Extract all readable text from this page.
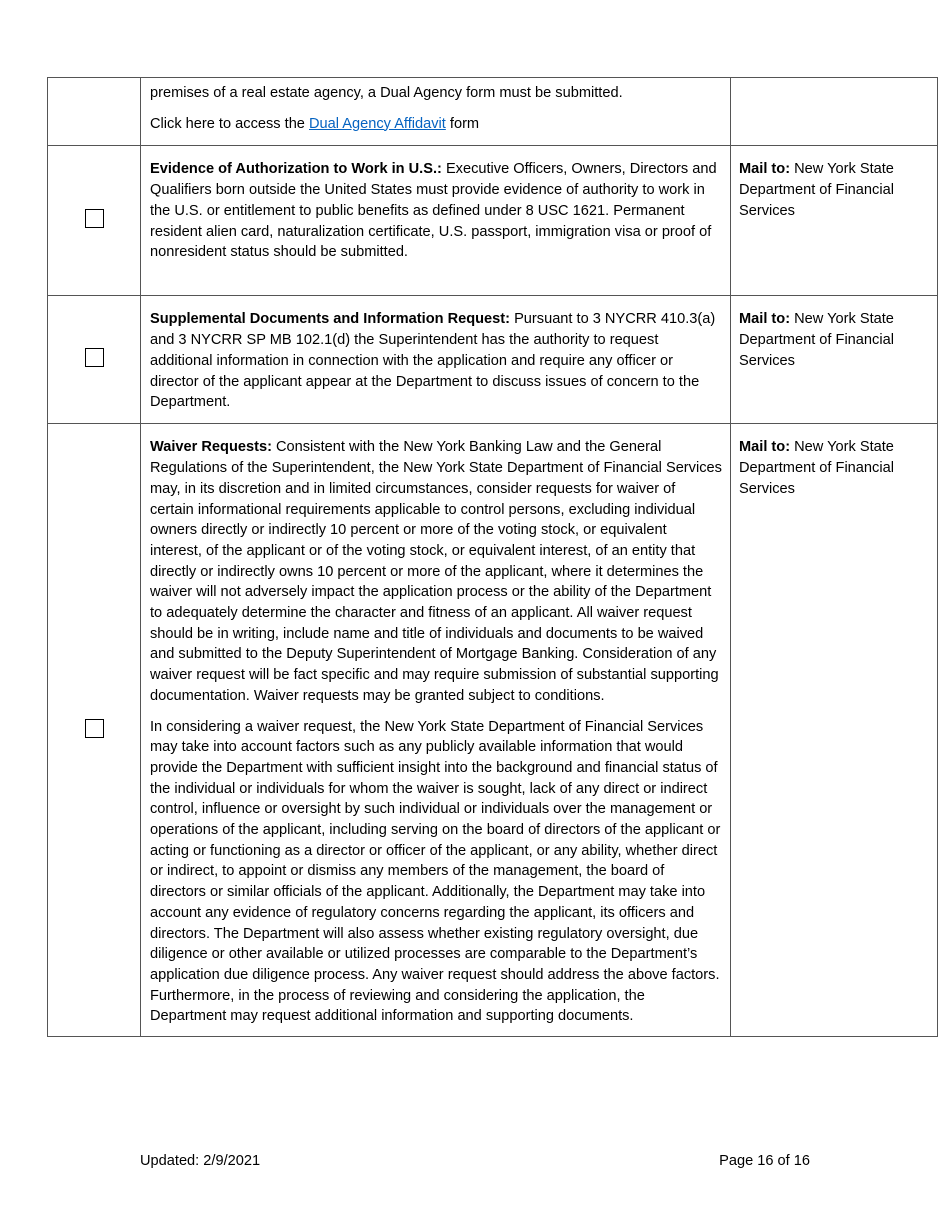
	premises of a real estate agency, a Dual Agency form must be submitted.

Click here to access the Dual Agency Affidavit form	

	Evidence of Authorization to Work in U.S.: Executive Officers, Owners, Directors and Qualifiers born outside the United States must provide evidence of authority to work in the U.S. or entitlement to public benefits as defined under 8 USC 1621. Permanent resident alien card, naturalization certificate, U.S. passport, immigration visa or proof of nonresident status should be submitted.	Mail to: New York State Department of Financial Services

	Supplemental Documents and Information Request: Pursuant to 3 NYCRR 410.3(a) and 3 NYCRR SP MB 102.1(d) the Superintendent has the authority to request additional information in connection with the application and require any officer or director of the applicant appear at the Department to discuss issues of concern to the Department.	Mail to: New York State Department of Financial Services

	Waiver Requests: Consistent with the New York Banking Law and the General Regulations of the Superintendent, the New York State Department of Financial Services may, in its discretion and in limited circumstances, consider requests for waiver of certain informational requirements applicable to control persons, excluding individual owners directly or indirectly 10 percent or more of the voting stock, or equivalent interest, of the applicant or of the voting stock, or equivalent interest, of an entity that directly or indirectly owns 10 percent or more of the applicant, where it determines the waiver will not adversely impact the application process or the ability of the Department to adequately determine the character and fitness of an applicant. All waiver request should be in writing, include name and title of individuals and documents to be waived and submitted to the Deputy Superintendent of Mortgage Banking. Consideration of any waiver request will be fact specific and may require submission of substantial supporting documentation. Waiver requests may be granted subject to conditions.

In considering a waiver request, the New York State Department of Financial Services may take into account factors such as any publicly available information that would provide the Department with sufficient insight into the background and financial status of the individual or individuals for whom the waiver is sought, lack of any direct or indirect control, influence or oversight by such individual or individuals over the management or operations of the applicant, including serving on the board of directors of the applicant or acting or functioning as a director or officer of the applicant, or any ability, whether direct or indirect, to appoint or dismiss any members of the management, the board of directors or similar officials of the applicant. Additionally, the Department may take into account any evidence of regulatory concerns regarding the applicant, its officers and directors. The Department will also assess whether existing regulatory oversight, due diligence or other available or utilized processes are comparable to the Department’s application due diligence process. Any waiver request should address the above factors. Furthermore, in the process of reviewing and considering the application, the Department may request additional information and supporting documents.	Mail to: New York State Department of Financial Services

Updated: 2/9/2021	Page 16 of 16
